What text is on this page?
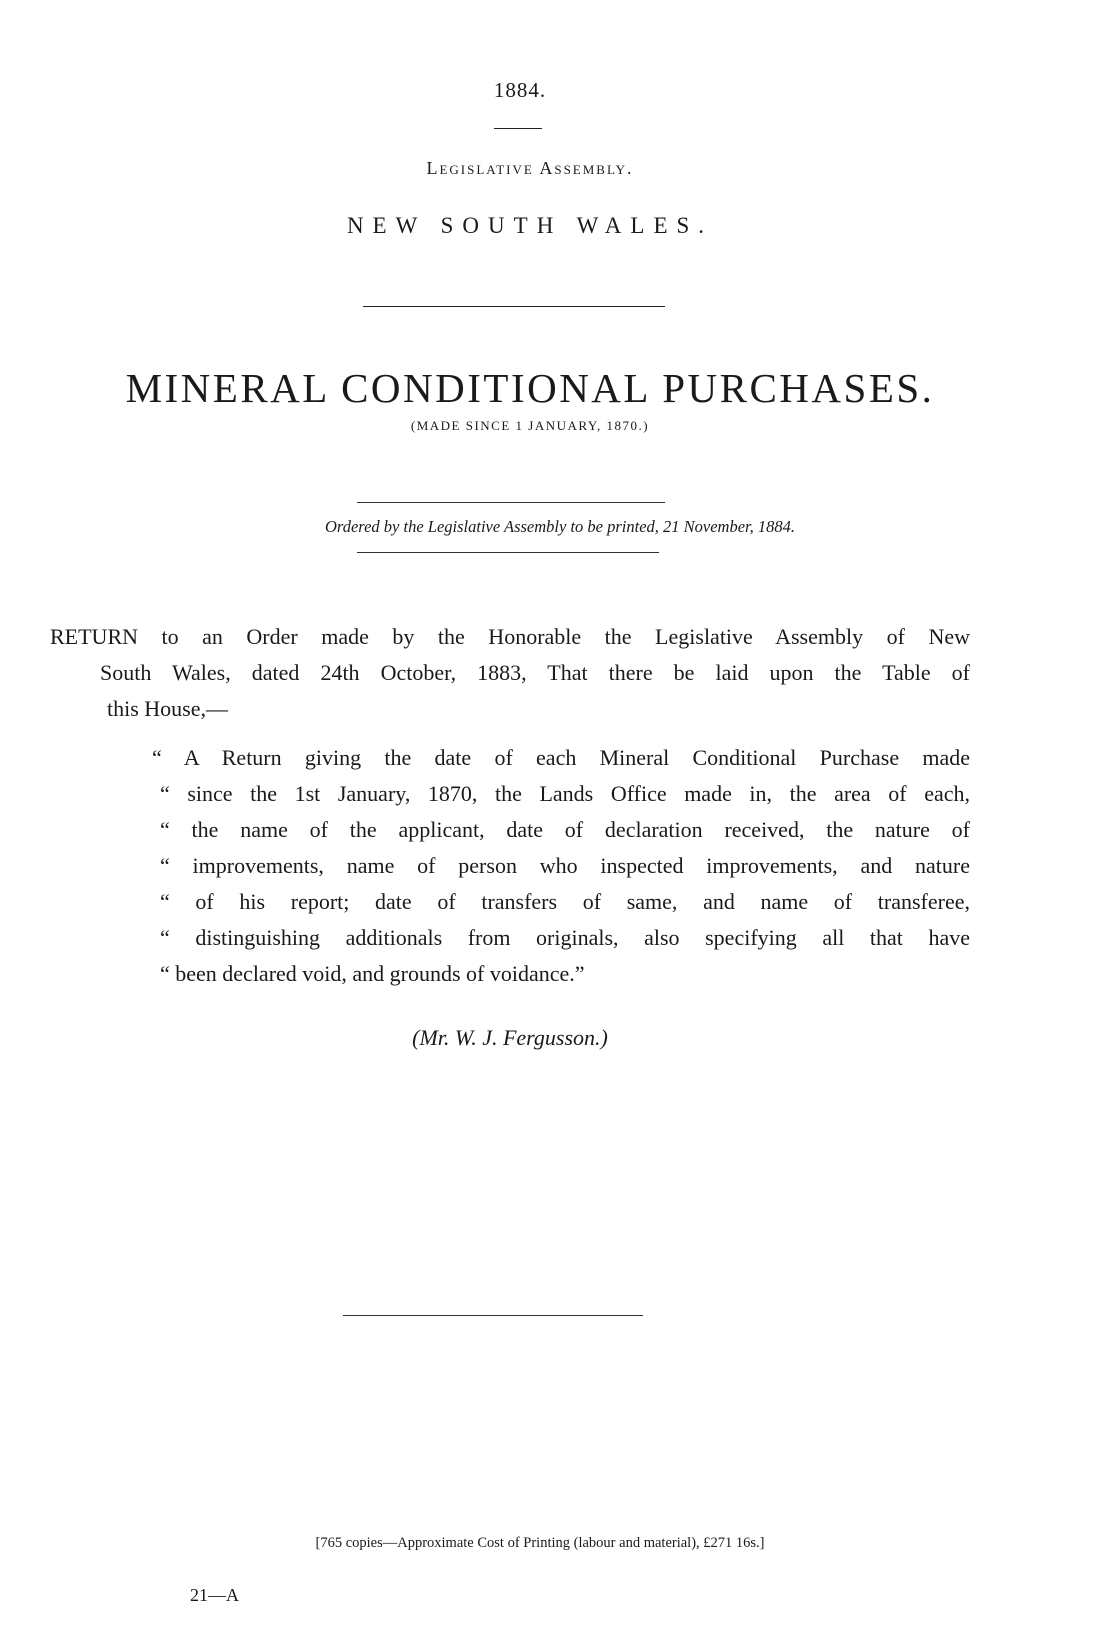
1884.
Legislative Assembly.
NEW SOUTH WALES.
MINERAL CONDITIONAL PURCHASES.
(MADE SINCE 1 JANUARY, 1870.)
Ordered by the Legislative Assembly to be printed, 21 November, 1884.
RETURN to an Order made by the Honorable the Legislative Assembly of New
South Wales, dated 24th October, 1883, That there be laid upon the Table of
this House,—
“ A Return giving the date of each Mineral Conditional Purchase made
“ since the 1st January, 1870, the Lands Office made in, the area of each,
“ the name of the applicant, date of declaration received, the nature of
“ improvements, name of person who inspected improvements, and nature
“ of his report; date of transfers of same, and name of transferee,
“ distinguishing additionals from originals, also specifying all that have
“ been declared void, and grounds of voidance.”
(Mr. W. J. Fergusson.)
[765 copies—Approximate Cost of Printing (labour and material), £271 16s.]
21—A
